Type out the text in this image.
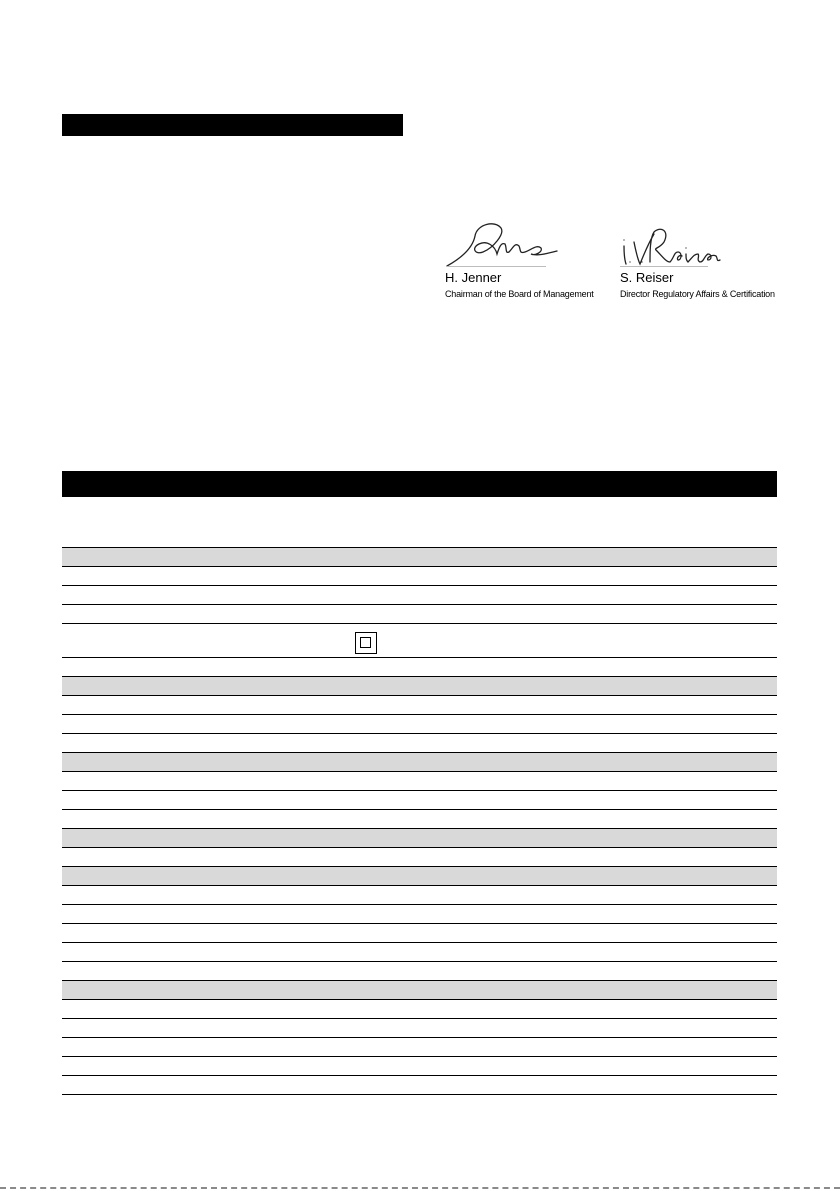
H. Jenner
Chairman of the Board of Management
S. Reiser
Director Regulatory Affairs & Certification
